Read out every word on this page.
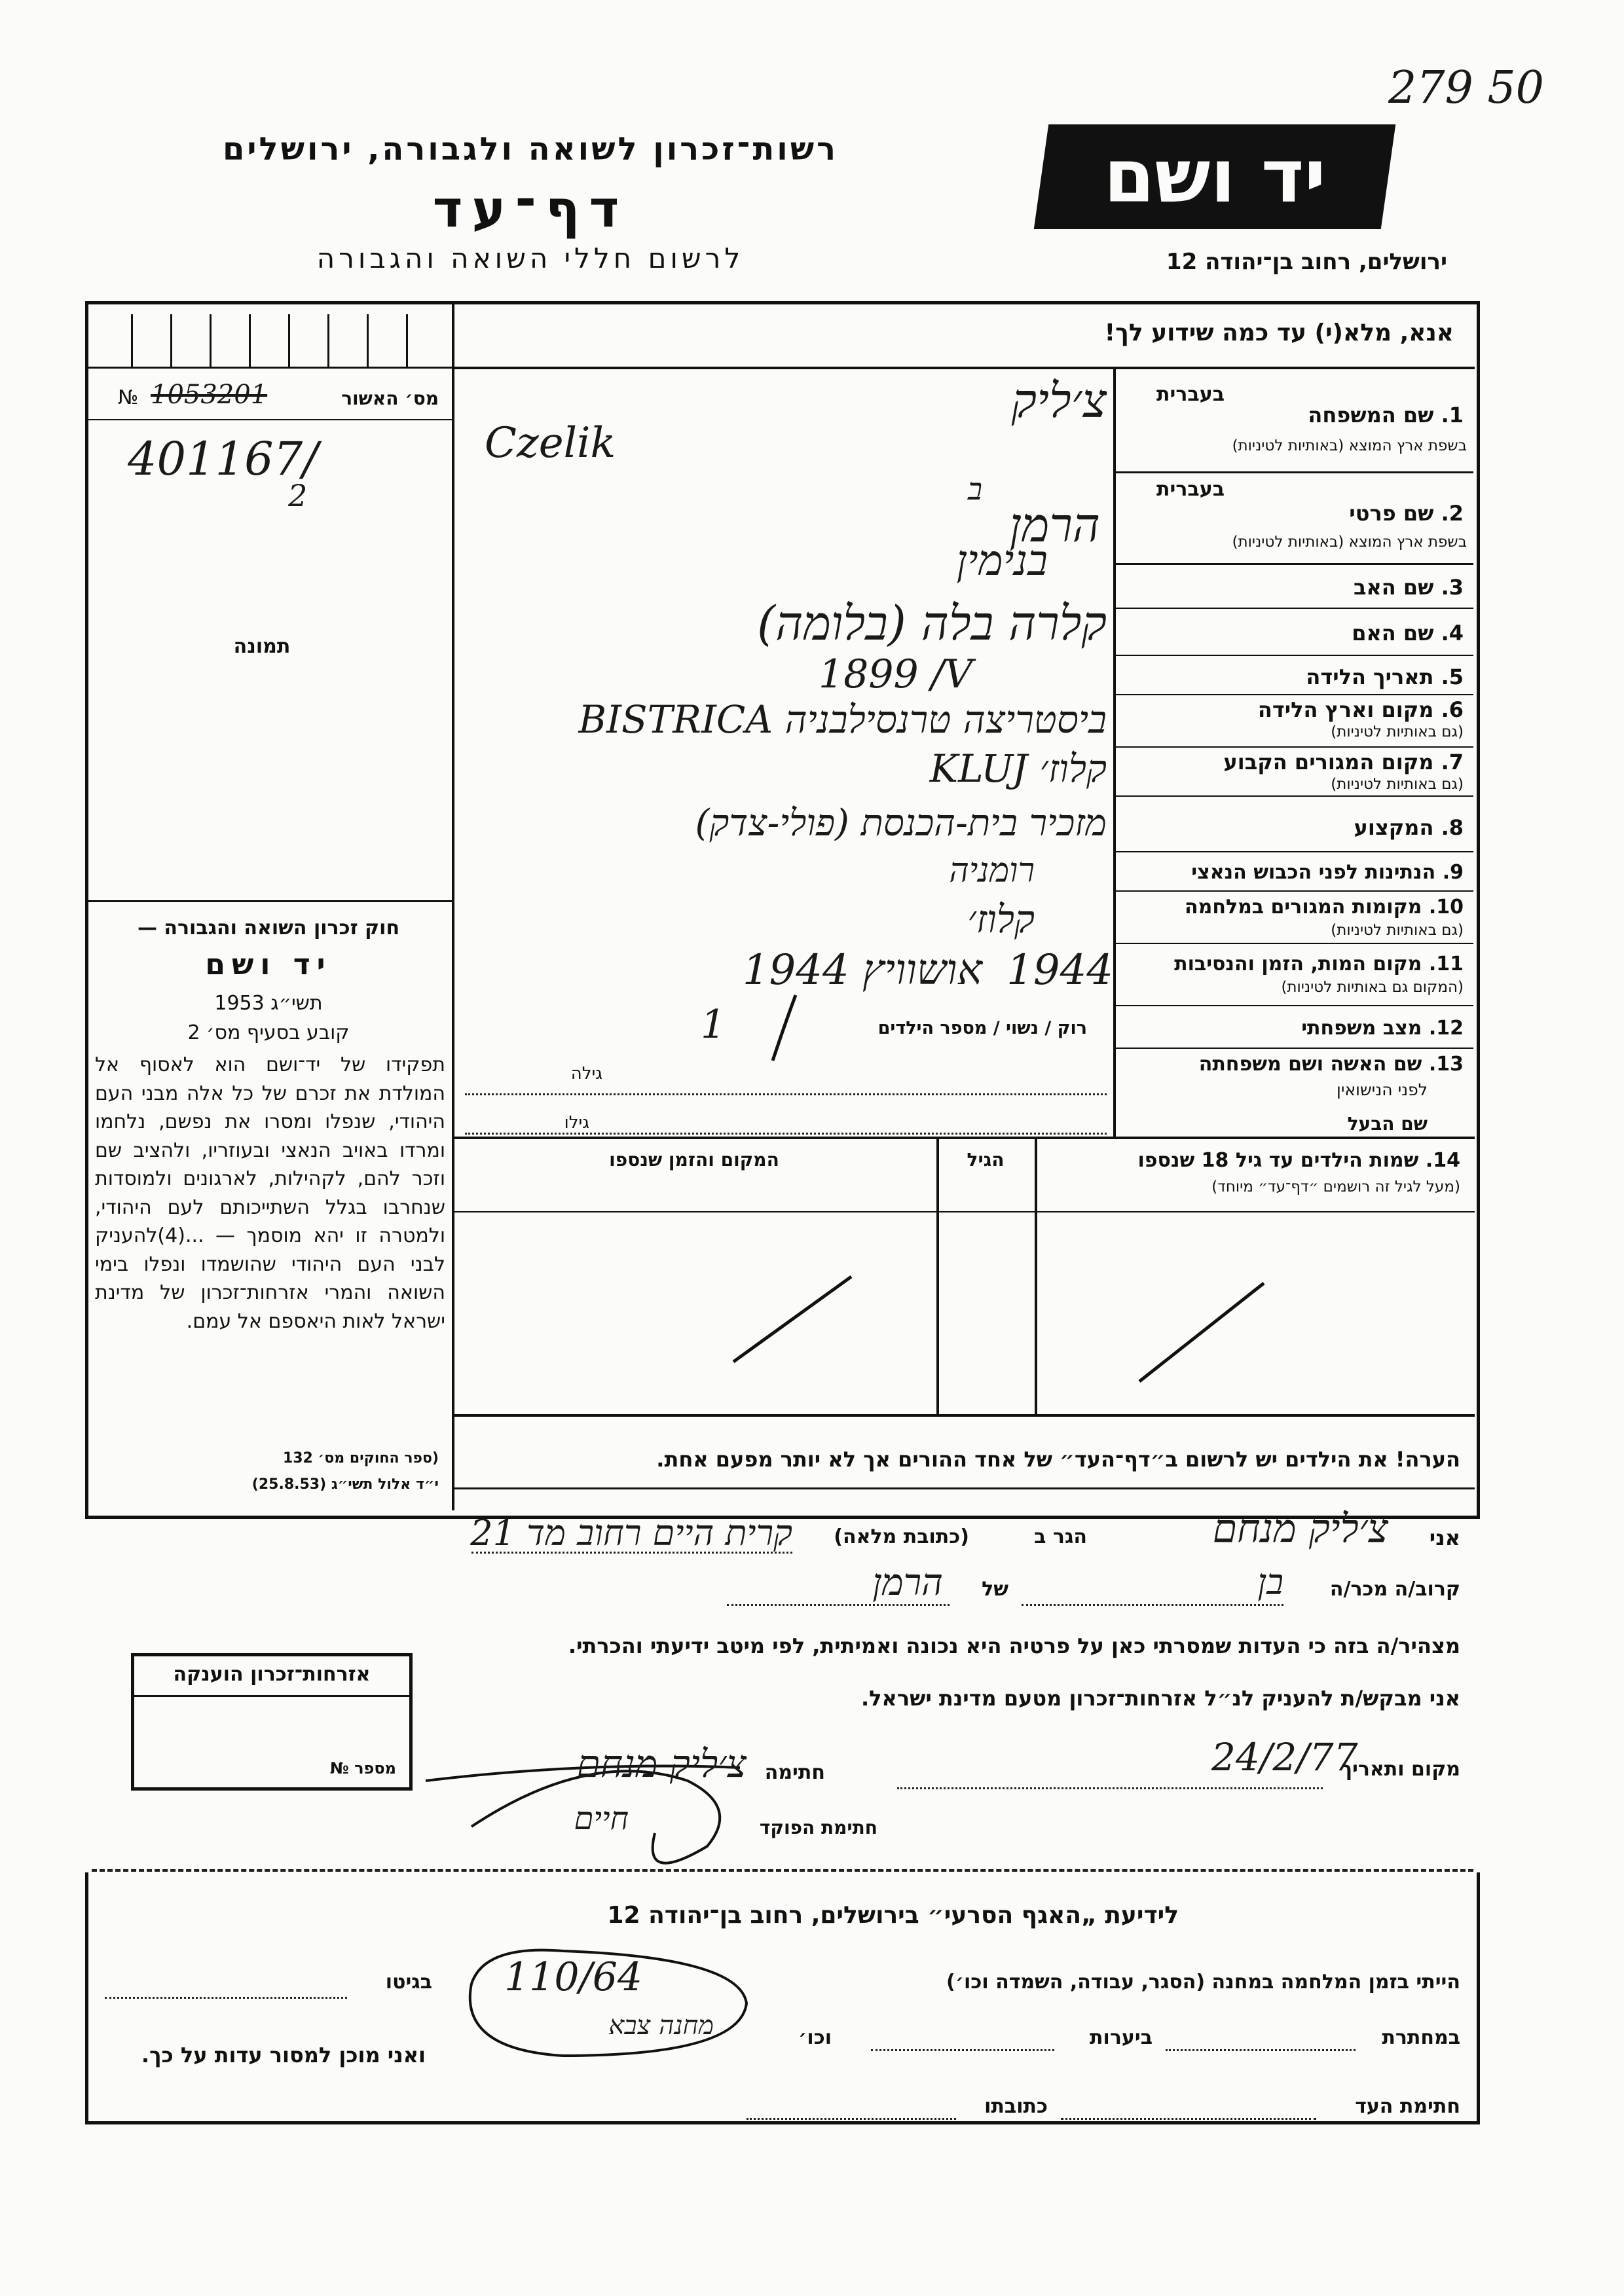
279 50
רשות־זכרון לשואה ולגבורה, ירושלים
דף־עד
לרשום חללי השואה והגבורה
יד ושם
ירושלים, רחוב בן־יהודה 12
אנא, מלא(י) עד כמה שידוע לך!
№ 1053201	מס׳ האשור
401167/
2
תמונה
חוק זכרון השואה והגבורה —
יד ושם
תשי״ג 1953
קובע בסעיף מס׳ 2
תפקידו של יד־ושם הוא לאסוף אל המולדת את זכרם של כל אלה מבני העם היהודי, שנפלו ומסרו את נפשם, נלחמו ומרדו באויב הנאצי ובעוזריו, ולהציב שם וזכר להם, לקהילות, לארגונים ולמוסדות שנחרבו בגלל השתייכותם לעם היהודי, ולמטרה זו יהא מוסמך — ...(4)להעניק לבני העם היהודי שהושמדו ונפלו בימי השואה והמרי אזרחות־זכרון של מדינת ישראל לאות היאספם אל עמם.
(ספר החוקים מס׳ 132
י״ד אלול תשי״ג (25.8.53)
בעברית
1. שם המשפחה
בשפת ארץ המוצא (באותיות לטיניות)
בעברית
2. שם פרטי
בשפת ארץ המוצא (באותיות לטיניות)
3. שם האב
4. שם האם
5. תאריך הלידה
6. מקום וארץ הלידה
(גם באותיות לטיניות)
7. מקום המגורים הקבוע
(גם באותיות לטיניות)
8. המקצוע
9. הנתינות לפני הכבוש הנאצי
10. מקומות המגורים במלחמה
(גם באותיות לטיניות)
11. מקום המות, הזמן והנסיבות
(המקום גם באותיות לטיניות)
12. מצב משפחתי
13. שם האשה ושם משפחתה
לפני הנישואין
שם הבעל
רוק / נשוי / מספר הילדים
גילה
גילו
צ׳ליק
Czelik
ב
הרמן
בנימין
קלרה בלה (בלומה)
1899 /V
BISTRICA ביסטריצה טרנסילבניה
KLUJ קלוז׳
מזכיר בית-הכנסת (פולי-צדק)
רומניה
קלוז׳
1944
אושוויץ 1944
1
14. שמות הילדים עד גיל 18 שנספו
(מעל לגיל זה רושמים ״דף־עד״ מיוחד)
הגיל
המקום והזמן שנספו
הערה! את הילדים יש לרשום ב״דף־העד״ של אחד ההורים אך לא יותר מפעם אחת.
אני
צ׳ליק מנחם
הגר ב
(כתובת מלאה)
קרית היים רחוב מד 21
קרוב/ה מכר/ה
בן
של
הרמן
מצהיר/ה בזה כי העדות שמסרתי כאן על פרטיה היא נכונה ואמיתית, לפי מיטב ידיעתי והכרתי.
אני מבקש/ת להעניק לנ״ל אזרחות־זכרון מטעם מדינת ישראל.
מקום ותאריך
24/2/77
חתימה
צ׳ליק מנחם
חתימת הפוקד
חיים
אזרחות־זכרון הוענקה
מספר №
לידיעת „האגף הסרעי״ בירושלים, רחוב בן־יהודה 12
הייתי בזמן המלחמה במחנה (הסגר, עבודה, השמדה וכו׳)
110/64
מחנה צבא
בגיטו
במחתרת
ביערות
וכו׳
ואני מוכן למסור עדות על כך.
חתימת העד
כתובתו
